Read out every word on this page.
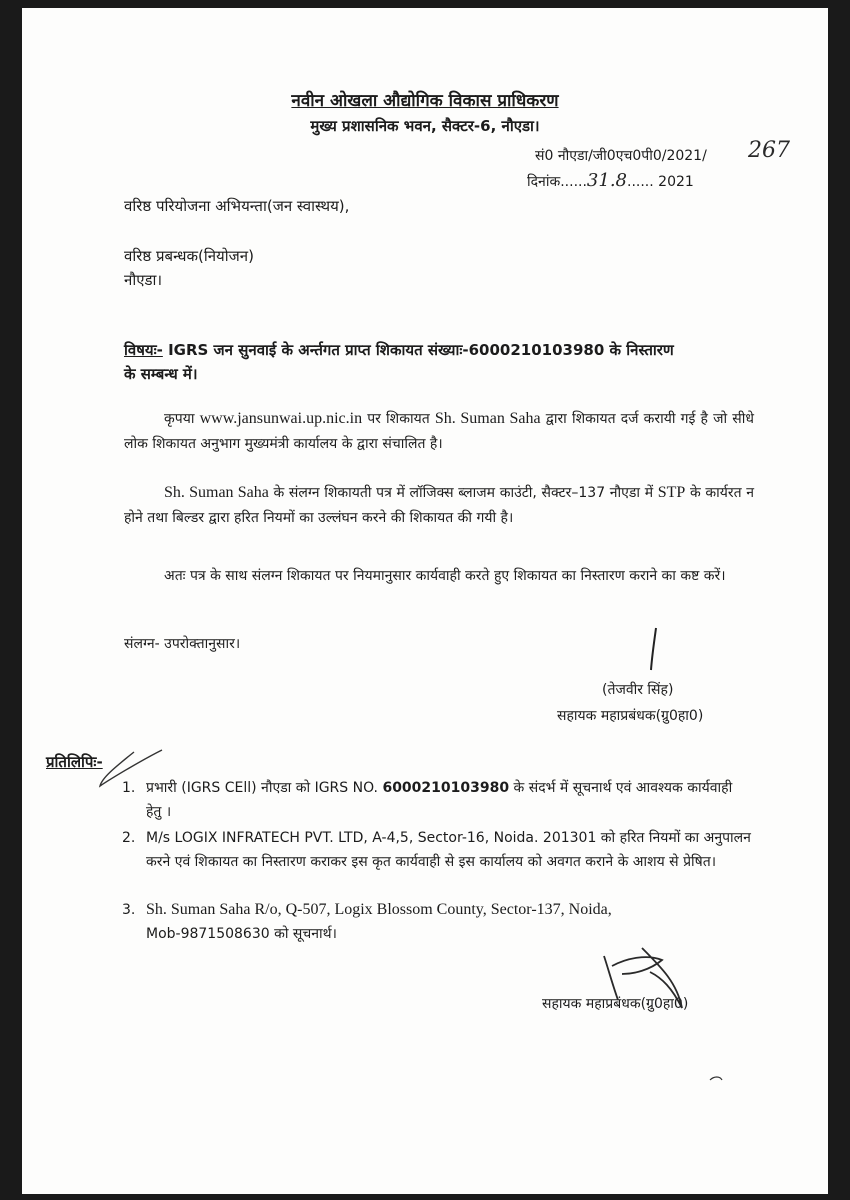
नवीन ओखला औद्योगिक विकास प्राधिकरण
मुख्य प्रशासनिक भवन, सैक्टर-6, नौएडा।
सं0 नौएडा/जी0एच0पी0/2021/ 267
दिनांक......31.8...... 2021
वरिष्ठ परियोजना अभियन्ता(जन स्वास्थय),
वरिष्ठ प्रबन्धक(नियोजन)
नौएडा।
विषयः- IGRS जन सुनवाई के अर्न्तगत प्राप्त शिकायत संख्याः-6000210103980 के निस्तारण
के सम्बन्ध में।
कृपया www.jansunwai.up.nic.in पर शिकायत Sh. Suman Saha द्वारा शिकायत दर्ज करायी गई है जो सीधे लोक शिकायत अनुभाग मुख्यमंत्री कार्यालय के द्वारा संचालित है।
Sh. Suman Saha के संलग्न शिकायती पत्र में लॉजिक्स ब्लाजम काउंटी, सैक्टर–137 नौएडा में STP के कार्यरत न होने तथा बिल्डर द्वारा हरित नियमों का उल्लंघन करने की शिकायत की गयी है।
अतः पत्र के साथ संलग्न शिकायत पर नियमानुसार कार्यवाही करते हुए शिकायत का निस्तारण कराने का कष्ट करें।
संलग्न- उपरोक्तानुसार।
(तेजवीर सिंह)
सहायक महाप्रबंधक(ग्रु0हा0)
प्रतिलिपिः-
1. प्रभारी (IGRS CEll) नौएडा को IGRS NO. 6000210103980 के संदर्भ में सूचनार्थ एवं आवश्यक कार्यवाही हेतु ।
2. M/s LOGIX INFRATECH PVT. LTD, A-4,5, Sector-16, Noida. 201301 को हरित नियमों का अनुपालन करने एवं शिकायत का निस्तारण कराकर इस कृत कार्यवाही से इस कार्यालय को अवगत कराने के आशय से प्रेषित।
3. Sh. Suman Saha R/o, Q-507, Logix Blossom County, Sector-137, Noida,
Mob-9871508630 को सूचनार्थ।
सहायक महाप्रबंधक(ग्रु0हा0)
